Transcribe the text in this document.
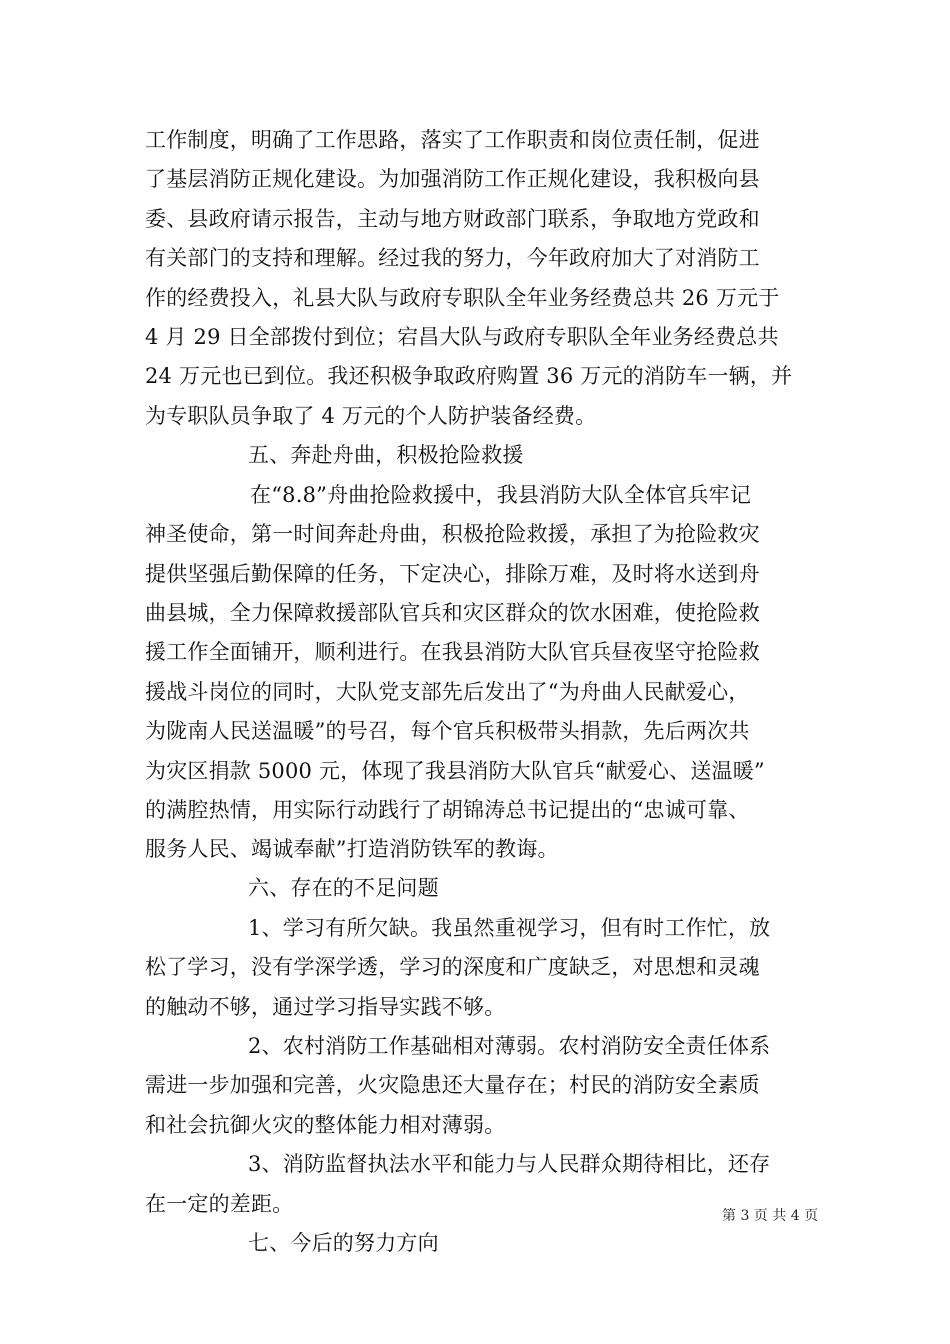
工作制度，明确了工作思路，落实了工作职责和岗位责任制，促进
了基层消防正规化建设。为加强消防工作正规化建设，我积极向县
委、县政府请示报告，主动与地方财政部门联系，争取地方党政和
有关部门的支持和理解。经过我的努力，今年政府加大了对消防工
作的经费投入，礼县大队与政府专职队全年业务经费总共 26 万元于
4 月 29 日全部拨付到位；宕昌大队与政府专职队全年业务经费总共
24 万元也已到位。我还积极争取政府购置 36 万元的消防车一辆，并
为专职队员争取了 4 万元的个人防护装备经费。
五、奔赴舟曲，积极抢险救援
在“8.8”舟曲抢险救援中，我县消防大队全体官兵牢记
神圣使命，第一时间奔赴舟曲，积极抢险救援，承担了为抢险救灾
提供坚强后勤保障的任务，下定决心，排除万难，及时将水送到舟
曲县城，全力保障救援部队官兵和灾区群众的饮水困难，使抢险救
援工作全面铺开，顺利进行。在我县消防大队官兵昼夜坚守抢险救
援战斗岗位的同时，大队党支部先后发出了“为舟曲人民献爱心，
为陇南人民送温暖”的号召，每个官兵积极带头捐款，先后两次共
为灾区捐款 5000 元，体现了我县消防大队官兵“献爱心、送温暖”
的满腔热情，用实际行动践行了胡锦涛总书记提出的“忠诚可靠、
服务人民、竭诚奉献”打造消防铁军的教诲。
六、存在的不足问题
1、学习有所欠缺。我虽然重视学习，但有时工作忙，放
松了学习，没有学深学透，学习的深度和广度缺乏，对思想和灵魂
的触动不够，通过学习指导实践不够。
2、农村消防工作基础相对薄弱。农村消防安全责任体系
需进一步加强和完善，火灾隐患还大量存在；村民的消防安全素质
和社会抗御火灾的整体能力相对薄弱。
3、消防监督执法水平和能力与人民群众期待相比，还存
在一定的差距。
七、今后的努力方向
第 3 页 共 4 页
